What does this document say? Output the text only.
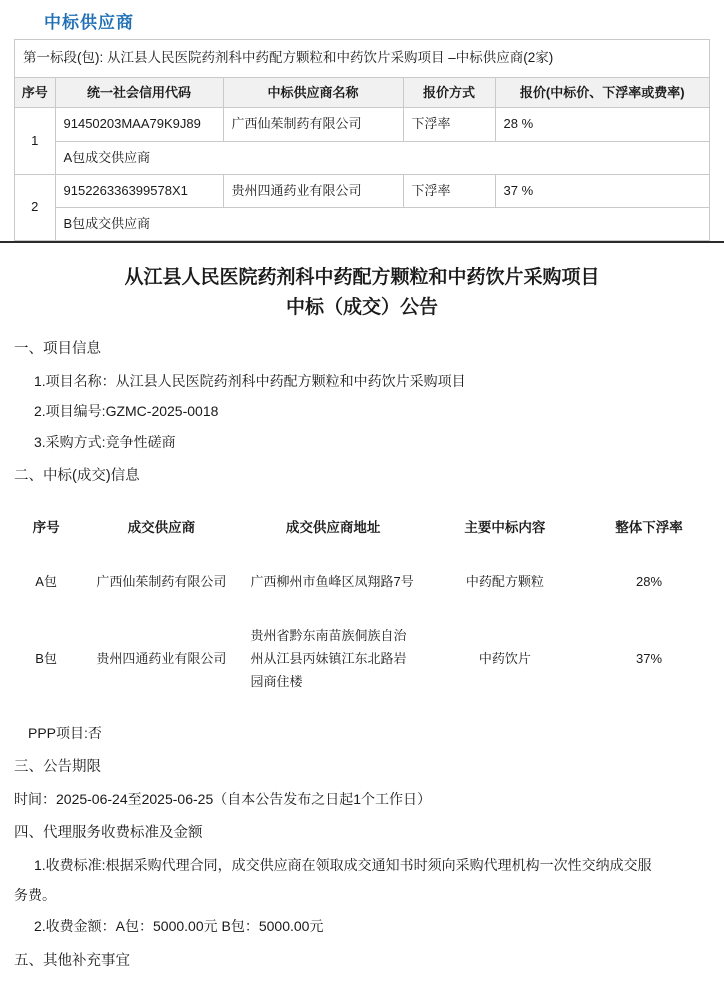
中标供应商
第一标段(包): 从江县人民医院药剂科中药配方颗粒和中药饮片采购项目 –中标供应商(2家)
序号	统一社会信用代码	中标供应商名称	报价方式	报价(中标价、下浮率或费率)
1	91450203MAA79K9J89	广西仙茱制药有限公司	下浮率	28 %
	A包成交供应商			
2	915226336399578X1	贵州四通药业有限公司	下浮率	37 %
	B包成交供应商			
从江县人民医院药剂科中药配方颗粒和中药饮片采购项目
中标（成交）公告
一、项目信息
1.项目名称：从江县人民医院药剂科中药配方颗粒和中药饮片采购项目
2.项目编号:GZMC-2025-0018
3.采购方式:竞争性磋商
二、中标(成交)信息
序号	成交供应商	成交供应商地址	主要中标内容	整体下浮率
A包	广西仙茱制药有限公司	广西柳州市鱼峰区凤翔路7号	中药配方颗粒	28%
B包	贵州四通药业有限公司	贵州省黔东南苗族侗族自治州从江县丙妹镇江东北路岩园商住楼	中药饮片	37%
PPP项目:否
三、公告期限
时间：2025-06-24至2025-06-25（自本公告发布之日起1个工作日）
四、代理服务收费标准及金额
1.收费标准:根据采购代理合同，成交供应商在领取成交通知书时须向采购代理机构一次性交纳成交服
务费。
2.收费金额：A包：5000.00元 B包：5000.00元
五、其他补充事宜
